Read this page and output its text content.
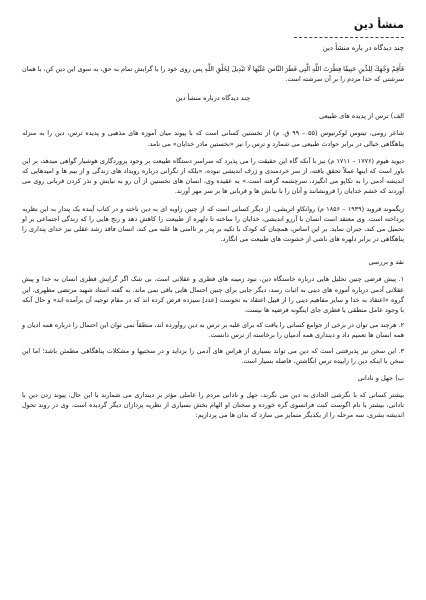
منشأ دین
چند دیدگاه در باره منشأ دین

فَأَقِمْ وَجْهَكَ لِلدِّينِ حَنِيفًا فِطْرَتَ اللَّهِ الَّتِي فَطَرَ النَّاسَ عَلَيْهَا لَا تَبْدِيلَ لِخَلْقِ اللَّهِ پس روی خود را با گرایش تمام به حق، به سوی این دین کن، با همان سرشتی که خدا مردم را بر آن سرشته است.

چند دیدگاه درباره منشأ دین
الف) ترس از پدیده های طبیعی

شاعر رومی، تیتوس لوکرتیوس (۵۵ – ۹۹ ق. م) از نخستین کسانی است که با پیوند میان آموزه های مذهبی و پدیده ترس، دین را به منزله پناهگاهی خیالی در برابر حوادث طبیعی می شمارد و ترس را نیز «نخستین مادر خدایان» می نامد.

دیوید هیوم (۱۷۷۶ – ۱۷۱۱ م) نیز با آنکه گاه این حقیقت را می پذیرد که سراسر دستگاه طبیعت بر وجود پروردگاری هوشیار گواهی میدهد، بر این باور است که اینها عملاً تحقق یافته، از سر خردمندی و ژرف اندیشی نبوده، «بلکه از نگرانی درباره رویداد های زندگی و از بیم ها و امیدهایی که اندیشه آدمی را به تکاپو می انگیزد، سرچشمه گرفته است.» به عقیده وی، انسان های نخستین از آن رو به نیایش و نذر کردن قربانی روی می آوردند که خشم خدایان را فرونشانند و آنان را با نیایش ها و قربانی ها بر سر مهر آورند.

زیگموند فروید (۱۹۳۹ – ۱۸۵۶ م) روانکاو اتریشی، از دیگر کسانی است که از چنین زاویه ای به دین ناخته و در کتاب آینده یک پندار به این نظریه پرداخته است. وی معتقد است انسان با آرزو اندیشی، خدایان را ساخته تا دلهره از طبیعت را کاهش دهد و رنج هایی را که زندگی اجتماعی بر او تحمیل می کند، جبران نماید. بر این اساس، همچنان که کودک با تکیه بر پدر بر ناامنی ها غلبه می کند، انسان فاقد رشد عقلی نیز خدای پنداری را پناهگاهی در برابر دلهره های ناشی از خشونت های طبیعت می انگارد.

نقد و بررسی

۱. پیش فرضی چنین تحلیل هایی درباره خاستگاه دین، نبود زمینه های فطری و عقلانی است. بی شک اگر گرایش فطری انسان به خدا و پیش عقلانی آدمی درباره آموزه های دینی به اثبات رسد، دیگر جایی برای چنین احتمال هایی باقی نمی ماند. به گفته استاد شهید مرتضی مطهری، این گروه «اعتقاد به خدا و سایر مفاهیم دینی را از قبیل اعتقاد به نحوست [عدد] سیزده فرض کرده اند که در مقام توجیه آن برآمده اند» و حال آنکه با وجود عامل منطقی یا فطری جای اینگونه فرضیه ها نیست.

۲. هرچند می توان در برخی از جوامع کسانی را یافت که برای غلبه بر ترس به دین روآورده اند، منطقاً نمی توان این احتمال را درباره همه ادیان و همه انسان ها تعمیم داد و دینداری همه آدمیان را برخاسته از ترس دانست.

۳. این سخن نیز پذیرفتنی است که دین می تواند بسیاری از هراس های آدمی را بزداید و در سختیها و مشکلات پناهگاهی مطمئن باشد؛ اما این سخن با اینکه دین را زاییده ترس انگاشتن، فاصله بسیار است.

ب) جهل و نادانی

بیشتر کسانی که با نگرشی الحادی به دین می نگرند، جهل و نادانی مردم را عاملی مؤثر بر دینداری می شمارند با این حال، پیوند زدن دین با نادانی، بیشتر با نام اگوست کنت فرانسوی گره خورده و سخنان او الهام بخش بسیاری از نظریه پردازان دیگر گردیده است. وی در روند تحول اندیشه بشری، سه مرحله را از یکدیگر متمایز می سازد که بدان ها می پردازیم:
